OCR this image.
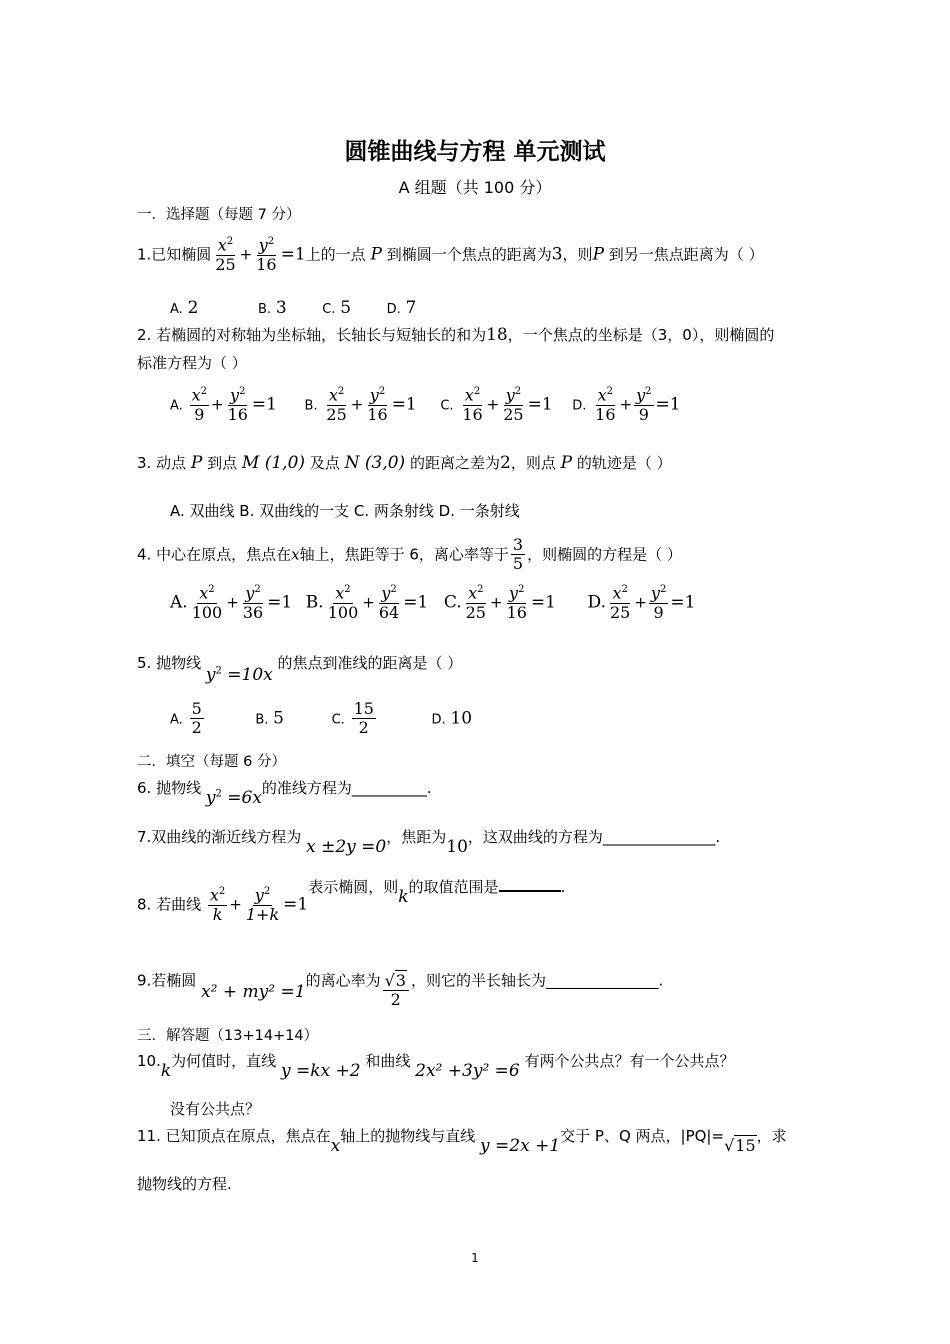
圆锥曲线与方程 单元测试
A 组题（共 100 分）
一．选择题（每题 7 分）
1.已知椭圆 $\frac{x^2}{25} + \frac{y^2}{16} =1$上的一点 P 到椭圆一个焦点的距离为3，则P 到另一焦点距离为（ ）
A. 2	B. 3	C. 5	D. 7
2. 若椭圆的对称轴为坐标轴，长轴长与短轴长的和为18，一个焦点的坐标是（3，0），则椭圆的
标准方程为（ ）
A. $\frac{x^2}{9} + \frac{y^2}{16} =1$ B. $\frac{x^2}{25} + \frac{y^2}{16} =1$ C. $\frac{x^2}{16} + \frac{y^2}{25} =1$ D. $\frac{x^2}{16} + \frac{y^2}{9} =1$
3. 动点 P 到点 M (1,0) 及点 N (3,0) 的距离之差为2，则点 P 的轨迹是（ ）
A. 双曲线 B. 双曲线的一支 C. 两条射线 D. 一条射线
4. 中心在原点，焦点在x轴上，焦距等于 6，离心率等于 $\frac{3}{5}$ ，则椭圆的方程是（ ）
A. $\frac{x^2}{100} + \frac{y^2}{36} =1$ B. $\frac{x^2}{100} + \frac{y^2}{64} =1$ C. $\frac{x^2}{25} + \frac{y^2}{16} =1$ D. $\frac{x^2}{25} + \frac{y^2}{9} =1$
5. 抛物线 $y^2 =10x$ 的焦点到准线的距离是（ ）
A. $\frac{5}{2}$	B. 5	C. $\frac{15}{2}$	D. 10
二．填空（每题 6 分）
6. 抛物线 $y^2 =6x$的准线方程为__________.
7.双曲线的渐近线方程为 x ±2y =0，焦距为10，这双曲线的方程为_______________.
8. 若曲线 $\frac{x^2}{k} + \frac{y^2}{1+k} =1$表示椭圆，则k的取值范围是	.
9.若椭圆 x² + my² =1的离心率为 $\frac{√3}{2}$ ，则它的半长轴长为_______________.
三．解答题（13+14+14）
10.k为何值时，直线 y =kx +2 和曲线 2x² +3y² =6 有两个公共点？有一个公共点？
没有公共点？
11. 已知顶点在原点，焦点在x轴上的抛物线与直线 y =2x +1交于 P、Q 两点，|PQ|=√15，求
抛物线的方程.
1
